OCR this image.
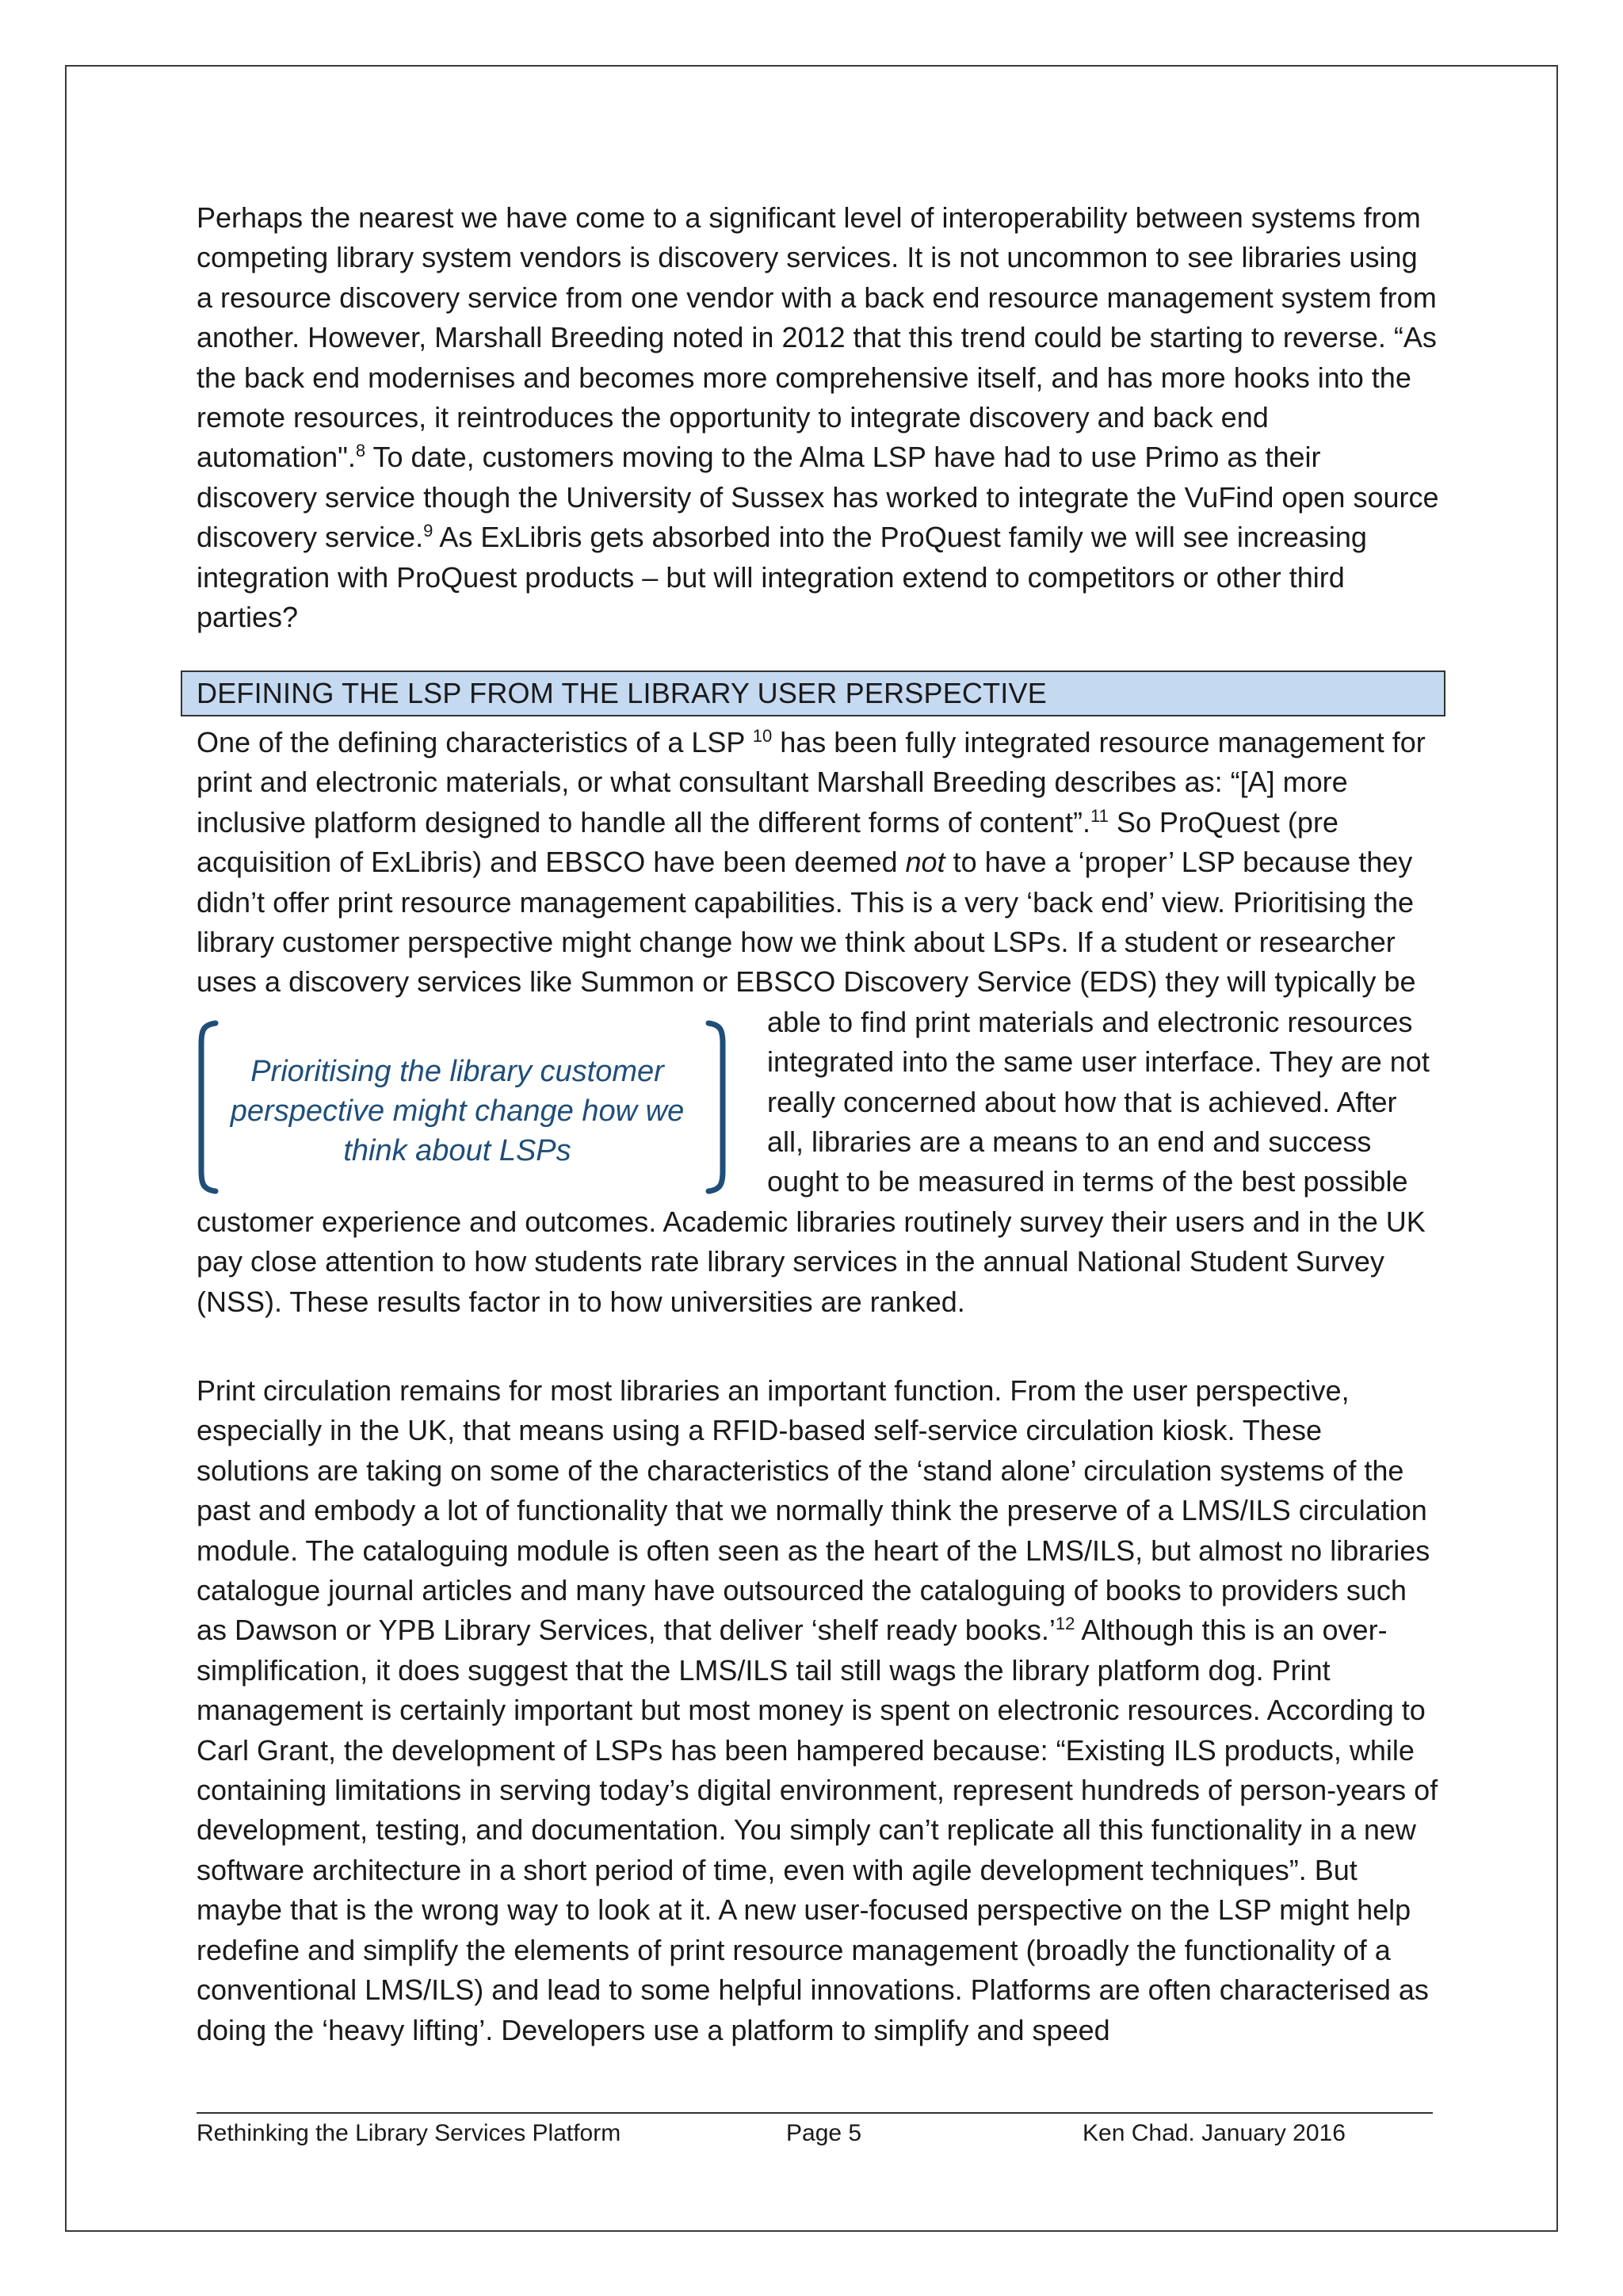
Perhaps the nearest we have come to a significant level of interoperability between systems from competing library system vendors is discovery services. It is not uncommon to see libraries using a resource discovery service from one vendor with a back end resource management system from another. However, Marshall Breeding noted in 2012 that this trend could be starting to reverse. “As the back end modernises and becomes more comprehensive itself, and has more hooks into the remote resources, it reintroduces the opportunity to integrate discovery and back end automation".$^8$ To date, customers moving to the Alma LSP have had to use Primo as their discovery service though the University of Sussex has worked to integrate the VuFind open source discovery service.$^9$ As ExLibris gets absorbed into the ProQuest family we will see increasing integration with ProQuest products – but will integration extend to competitors or other third parties?

DEFINING THE LSP FROM THE LIBRARY USER PERSPECTIVE

One of the defining characteristics of a LSP $^{10}$ has been fully integrated resource management for print and electronic materials, or what consultant Marshall Breeding describes as: “[A] more inclusive platform designed to handle all the different forms of content”.$^{11}$ So ProQuest (pre acquisition of ExLibris) and EBSCO have been deemed not to have a ‘proper’ LSP because they didn’t offer print resource management capabilities. This is a very ‘back end’ view. Prioritising the library customer perspective might change how we think about LSPs. If a student or researcher uses a discovery services like Summon or EBSCO Discovery Service (EDS) they will typically be able to find print materials and electronic
Prioritising the library customer perspective might change how we think about LSPs
resources integrated into the same user interface. They are not really concerned about how that is achieved. After all, libraries are a means to an end and success ought to be measured in terms of the best possible customer experience and outcomes. Academic libraries routinely survey their users and in the UK pay close attention to how students rate library services in the annual National Student Survey (NSS). These results factor in to how universities are ranked.

Print circulation remains for most libraries an important function. From the user perspective, especially in the UK, that means using a RFID-based self-service circulation kiosk. These solutions are taking on some of the characteristics of the ‘stand alone’ circulation systems of the past and embody a lot of functionality that we normally think the preserve of a LMS/ILS circulation module. The cataloguing module is often seen as the heart of the LMS/ILS, but almost no libraries catalogue journal articles and many have outsourced the cataloguing of books to providers such as Dawson or YPB Library Services, that deliver ‘shelf ready books.’$^{12}$ Although this is an over-simplification, it does suggest that the LMS/ILS tail still wags the library platform dog. Print management is certainly important but most money is spent on electronic resources. According to Carl Grant, the development of LSPs has been hampered because: “Existing ILS products, while containing limitations in serving today’s digital environment, represent hundreds of person-years of development, testing, and documentation. You simply can’t replicate all this functionality in a new software architecture in a short period of time, even with agile development techniques”. But maybe that is the wrong way to look at it. A new user-focused perspective on the LSP might help redefine and simplify the elements of print resource management (broadly the functionality of a conventional LMS/ILS) and lead to some helpful innovations. Platforms are often characterised as doing the ‘heavy lifting’. Developers use a platform to simplify and speed

Rethinking the Library Services Platform	Page 5	Ken Chad. January 2016
